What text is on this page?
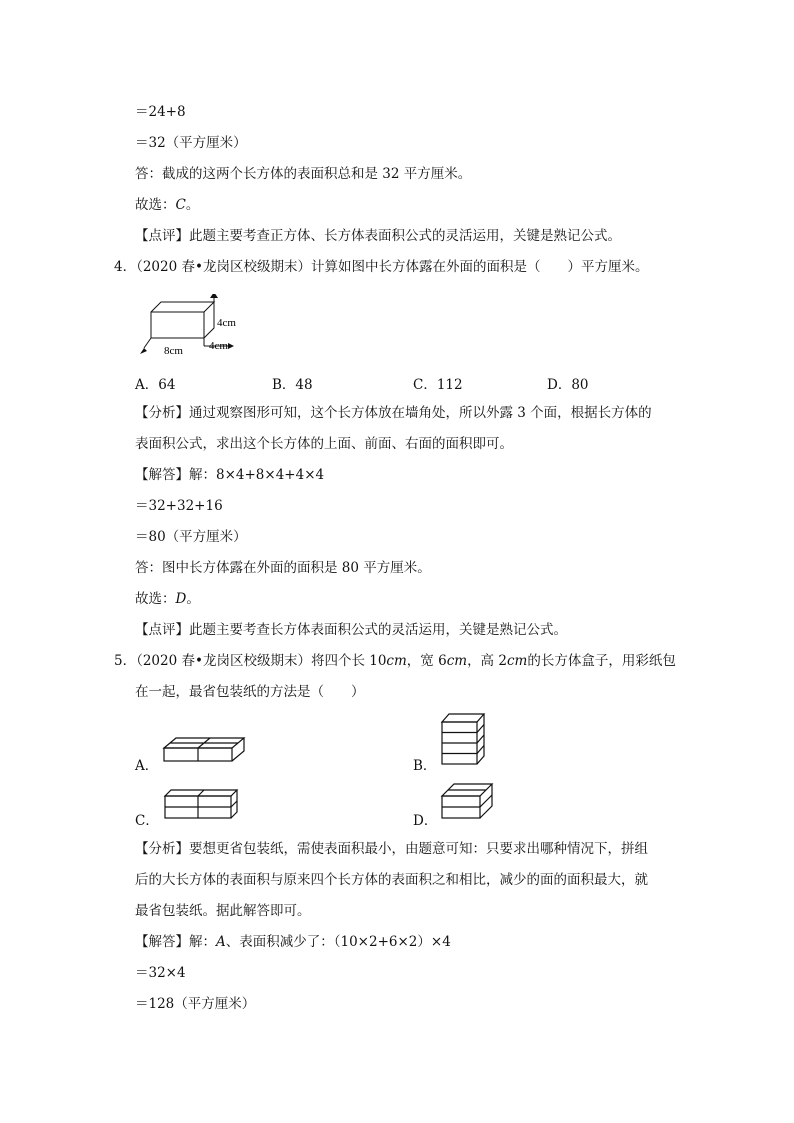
＝24+8
＝32（平方厘米）
答：截成的这两个长方体的表面积总和是 32 平方厘米。
故选：C。
【点评】此题主要考查正方体、长方体表面积公式的灵活运用，关键是熟记公式。
4．（2020 春•龙岗区校级期末）计算如图中长方体露在外面的面积是（　　）平方厘米。
4cm
4cm
8cm
A．64	B．48	C．112	D．80
【分析】通过观察图形可知，这个长方体放在墙角处，所以外露 3 个面，根据长方体的
表面积公式，求出这个长方体的上面、前面、右面的面积即可。
【解答】解：8×4+8×4+4×4
＝32+32+16
＝80（平方厘米）
答：图中长方体露在外面的面积是 80 平方厘米。
故选：D。
【点评】此题主要考查长方体表面积公式的灵活运用，关键是熟记公式。
5．（2020 春•龙岗区校级期末）将四个长 10cm，宽 6cm，高 2cm的长方体盒子，用彩纸包
在一起，最省包装纸的方法是（　　）
A．	B．
C．	D．
【分析】要想更省包装纸，需使表面积最小，由题意可知：只要求出哪种情况下，拼组
后的大长方体的表面积与原来四个长方体的表面积之和相比，减少的面的面积最大，就
最省包装纸。据此解答即可。
【解答】解：A、表面积减少了：（10×2+6×2）×4
＝32×4
＝128（平方厘米）
